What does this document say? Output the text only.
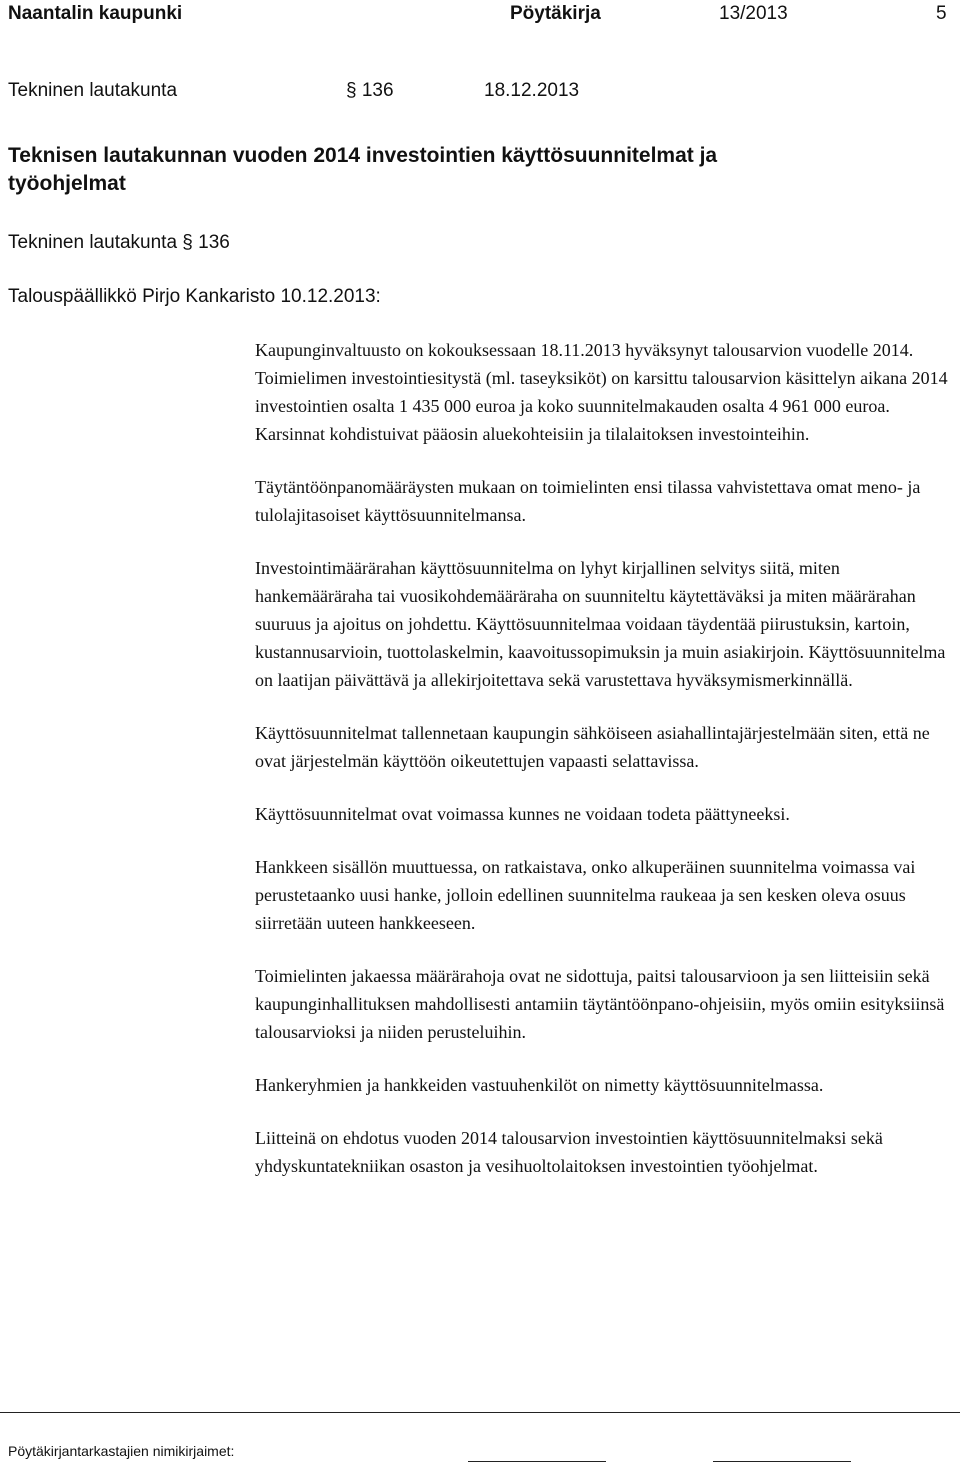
Naantalin kaupunki	Pöytäkirja	13/2013	5
Tekninen lautakunta	§ 136	18.12.2013
Teknisen lautakunnan vuoden 2014 investointien käyttösuunnitelmat ja työohjelmat
Tekninen lautakunta § 136
Talouspäällikkö Pirjo Kankaristo 10.12.2013:

Kaupunginvaltuusto on kokouksessaan 18.11.2013 hyväksynyt talousarvion vuodelle 2014. Toimielimen investointiesitystä (ml. taseyksiköt) on karsittu talousarvion käsittelyn aikana 2014 investointien osalta 1 435 000 euroa ja koko suunnitelmakauden osalta 4 961 000 euroa. Karsinnat kohdistuivat pääosin aluekohteisiin ja tilalaitoksen investointeihin.

Täytäntöönpanomääräysten mukaan on toimielinten ensi tilassa vahvistettava omat meno- ja tulolajitasoiset käyttösuunnitelmansa.

Investointimäärärahan käyttösuunnitelma on lyhyt kirjallinen selvitys siitä, miten hankemääräraha tai vuosikohdemääräraha on suunniteltu käytettäväksi ja miten määrärahan suuruus ja ajoitus on johdettu. Käyttösuunnitelmaa voidaan täydentää piirustuksin, kartoin, kustannusarvioin, tuottolaskelmin, kaavoitussopimuksin ja muin asiakirjoin. Käyttösuunnitelma on laatijan päivättävä ja allekirjoitettava sekä varustettava hyväksymismerkinnällä.

Käyttösuunnitelmat tallennetaan kaupungin sähköiseen asiahallintajärjestelmään siten, että ne ovat järjestelmän käyttöön oikeutettujen vapaasti selattavissa.

Käyttösuunnitelmat ovat voimassa kunnes ne voidaan todeta päättyneeksi.

Hankkeen sisällön muuttuessa, on ratkaistava, onko alkuperäinen suunnitelma voimassa vai perustetaanko uusi hanke, jolloin edellinen suunnitelma raukeaa ja sen kesken oleva osuus siirretään uuteen hankkeeseen.

Toimielinten jakaessa määrärahoja ovat ne sidottuja, paitsi talousarvioon ja sen liitteisiin sekä kaupunginhallituksen mahdollisesti antamiin täytäntöönpano-ohjeisiin, myös omiin esityksiinsä talousarvioksi ja niiden perusteluihin.

Hankeryhmien ja hankkeiden vastuuhenkilöt on nimetty käyttösuunnitelmassa.

Liitteinä on ehdotus vuoden 2014 talousarvion investointien käyttösuunnitelmaksi sekä yhdyskuntatekniikan osaston ja vesihuoltolaitoksen investointien työohjelmat.

Pöytäkirjantarkastajien nimikirjaimet:
